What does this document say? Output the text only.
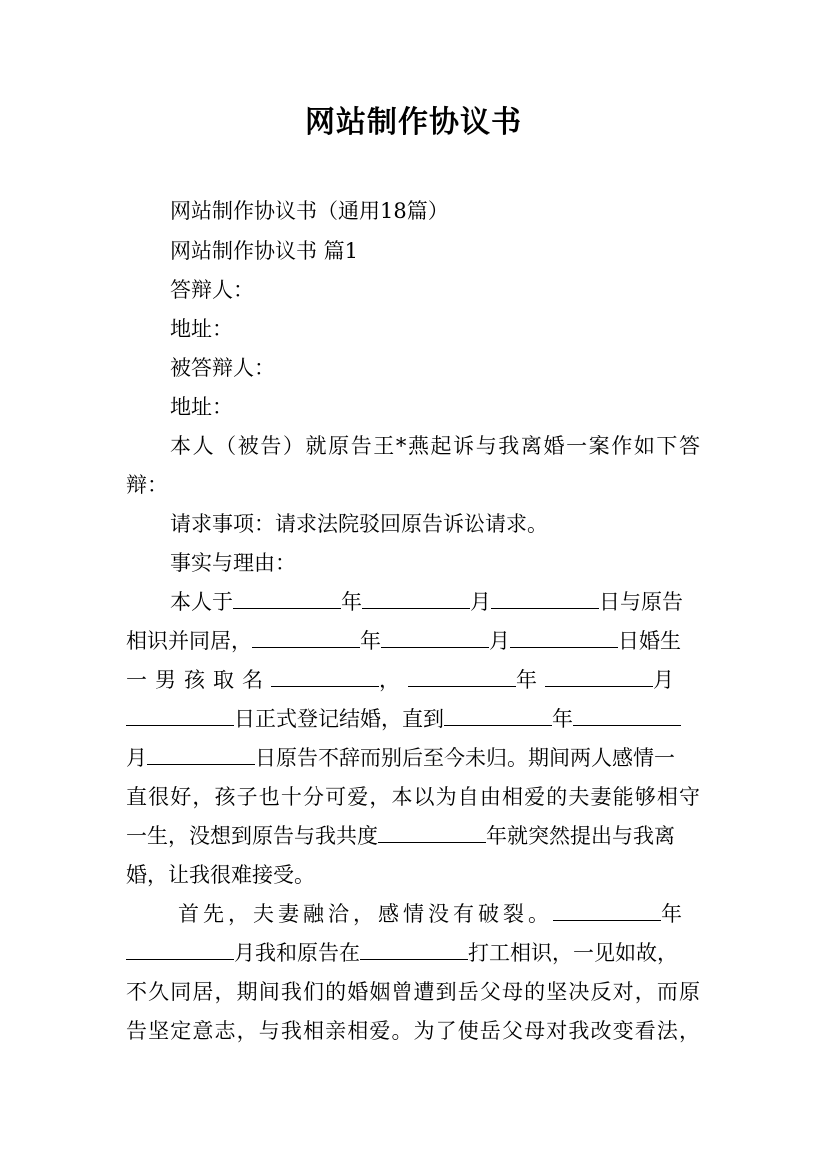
网站制作协议书
网站制作协议书（通用18篇）
网站制作协议书 篇1
答辩人：
地址：
被答辩人：
地址：
本人（被告）就原告王*燕起诉与我离婚一案作如下答
辩：
请求事项：请求法院驳回原告诉讼请求。
事实与理由：
本人于	年	月	日与原告
相识并同居，	年	月	日婚生
一男孩取名	，	年	月
日正式登记结婚，直到	年
月	日原告不辞而别后至今未归。期间两人感情一
直很好，孩子也十分可爱，本以为自由相爱的夫妻能够相守
一生，没想到原告与我共度	年就突然提出与我离
婚，让我很难接受。
首先，夫妻融洽，感情没有破裂。	年
月我和原告在	打工相识，一见如故，
不久同居，期间我们的婚姻曾遭到岳父母的坚决反对，而原
告坚定意志，与我相亲相爱。为了使岳父母对我改变看法，
